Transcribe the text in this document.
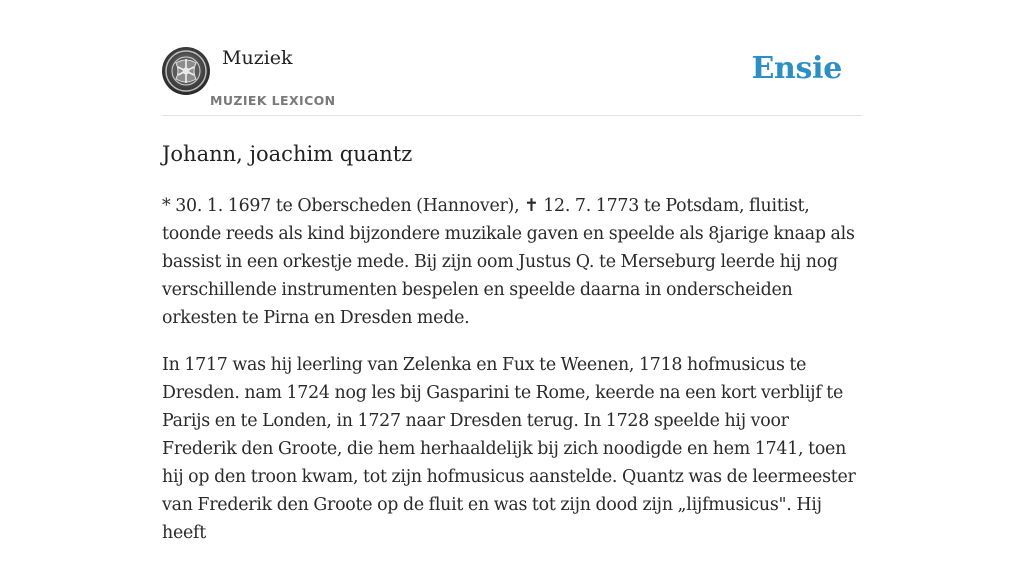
Muziek
MUZIEK LEXICON
Ensie
Johann, joachim quantz

* 30. 1. 1697 te Oberscheden (Hannover), ✝ 12. 7. 1773 te Potsdam, fluitist, toonde reeds als kind bijzondere muzikale gaven en speelde als 8jarige knaap als bassist in een orkestje mede. Bij zijn oom Justus Q. te Merseburg leerde hij nog verschillende instrumenten bespelen en speelde daarna in onderscheiden orkesten te Pirna en Dresden mede.

In 1717 was hij leerling van Zelenka en Fux te Weenen, 1718 hofmusicus te Dresden. nam 1724 nog les bij Gasparini te Rome, keerde na een kort verblijf te Parijs en te Londen, in 1727 naar Dresden terug. In 1728 speelde hij voor Frederik den Groote, die hem herhaaldelijk bij zich noodigde en hem 1741, toen hij op den troon kwam, tot zijn hofmusicus aanstelde. Quantz was de leermeester van Frederik den Groote op de fluit en was tot zijn dood zijn „lijfmusicus". Hij heeft
